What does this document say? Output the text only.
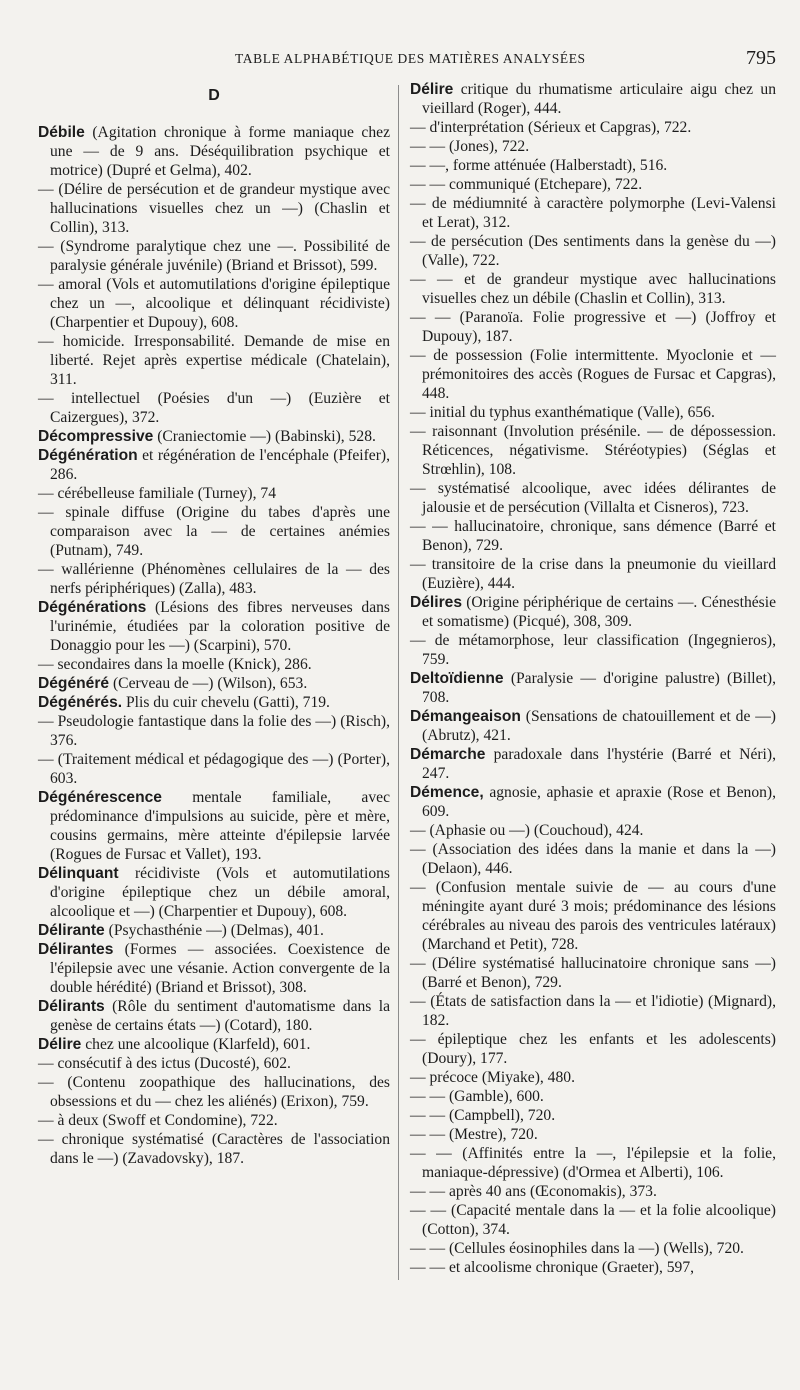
TABLE ALPHABÉTIQUE DES MATIÈRES ANALYSÉES	795
D

Débile (Agitation chronique à forme maniaque chez une — de 9 ans. Déséquilibration psychique et motrice) (Dupré et Gelma), 402.

— (Délire de persécution et de grandeur mystique avec hallucinations visuelles chez un —) (Chaslin et Collin), 313.

— (Syndrome paralytique chez une —. Possibilité de paralysie générale juvénile) (Briand et Brissot), 599.

— amoral (Vols et automutilations d'origine épileptique chez un —, alcoolique et délinquant récidiviste) (Charpentier et Dupouy), 608.

— homicide. Irresponsabilité. Demande de mise en liberté. Rejet après expertise médicale (Chatelain), 311.

— intellectuel (Poésies d'un —) (Euzière et Caizergues), 372.

Décompressive (Craniectomie —) (Babinski), 528.

Dégénération et régénération de l'encéphale (Pfeifer), 286.

— cérébelleuse familiale (Turney), 74

— spinale diffuse (Origine du tabes d'après une comparaison avec la — de certaines anémies (Putnam), 749.

— wallérienne (Phénomènes cellulaires de la — des nerfs périphériques) (Zalla), 483.

Dégénérations (Lésions des fibres nerveuses dans l'urinémie, étudiées par la coloration positive de Donaggio pour les —) (Scarpini), 570.

— secondaires dans la moelle (Knick), 286.

Dégénéré (Cerveau de —) (Wilson), 653.

Dégénérés. Plis du cuir chevelu (Gatti), 719.

— Pseudologie fantastique dans la folie des —) (Risch), 376.

— (Traitement médical et pédagogique des —) (Porter), 603.

Dégénérescence mentale familiale, avec prédominance d'impulsions au suicide, père et mère, cousins germains, mère atteinte d'épilepsie larvée (Rogues de Fursac et Vallet), 193.

Délinquant récidiviste (Vols et automutilations d'origine épileptique chez un débile amoral, alcoolique et —) (Charpentier et Dupouy), 608.

Délirante (Psychasthénie —) (Delmas), 401.

Délirantes (Formes — associées. Coexistence de l'épilepsie avec une vésanie. Action convergente de la double hérédité) (Briand et Brissot), 308.

Délirants (Rôle du sentiment d'automatisme dans la genèse de certains états —) (Cotard), 180.

Délire chez une alcoolique (Klarfeld), 601.

— consécutif à des ictus (Ducosté), 602.

— (Contenu zoopathique des hallucinations, des obsessions et du — chez les aliénés) (Erixon), 759.

— à deux (Swoff et Condomine), 722.

— chronique systématisé (Caractères de l'association dans le —) (Zavadovsky), 187.

Délire critique du rhumatisme articulaire aigu chez un vieillard (Roger), 444.

— d'interprétation (Sérieux et Capgras), 722.

— — (Jones), 722.

— —, forme atténuée (Halberstadt), 516.

— — communiqué (Etchepare), 722.

— de médiumnité à caractère polymorphe (Levi-Valensi et Lerat), 312.

— de persécution (Des sentiments dans la genèse du —) (Valle), 722.

— — et de grandeur mystique avec hallucinations visuelles chez un débile (Chaslin et Collin), 313.

— — (Paranoïa. Folie progressive et —) (Joffroy et Dupouy), 187.

— de possession (Folie intermittente. Myoclonie et — prémonitoires des accès (Rogues de Fursac et Capgras), 448.

— initial du typhus exanthématique (Valle), 656.

— raisonnant (Involution présénile. — de dépossession. Réticences, négativisme. Stéréotypies) (Séglas et Strœhlin), 108.

— systématisé alcoolique, avec idées délirantes de jalousie et de persécution (Villalta et Cisneros), 723.

— — hallucinatoire, chronique, sans démence (Barré et Benon), 729.

— transitoire de la crise dans la pneumonie du vieillard (Euzière), 444.

Délires (Origine périphérique de certains —. Cénesthésie et somatisme) (Picqué), 308, 309.

— de métamorphose, leur classification (Ingegnieros), 759.

Deltoïdienne (Paralysie — d'origine palustre) (Billet), 708.

Démangeaison (Sensations de chatouillement et de —) (Abrutz), 421.

Démarche paradoxale dans l'hystérie (Barré et Néri), 247.

Démence, agnosie, aphasie et apraxie (Rose et Benon), 609.

— (Aphasie ou —) (Couchoud), 424.

— (Association des idées dans la manie et dans la —) (Delaon), 446.

— (Confusion mentale suivie de — au cours d'une méningite ayant duré 3 mois; prédominance des lésions cérébrales au niveau des parois des ventricules latéraux) (Marchand et Petit), 728.

— (Délire systématisé hallucinatoire chronique sans —) (Barré et Benon), 729.

— (États de satisfaction dans la — et l'idiotie) (Mignard), 182.

— épileptique chez les enfants et les adolescents) (Doury), 177.

— précoce (Miyake), 480.

— — (Gamble), 600.

— — (Campbell), 720.

— — (Mestre), 720.

— — (Affinités entre la —, l'épilepsie et la folie, maniaque-dépressive) (d'Ormea et Alberti), 106.

— — après 40 ans (Œconomakis), 373.

— — (Capacité mentale dans la — et la folie alcoolique) (Cotton), 374.

— — (Cellules éosinophiles dans la —) (Wells), 720.

— — et alcoolisme chronique (Graeter), 597,
